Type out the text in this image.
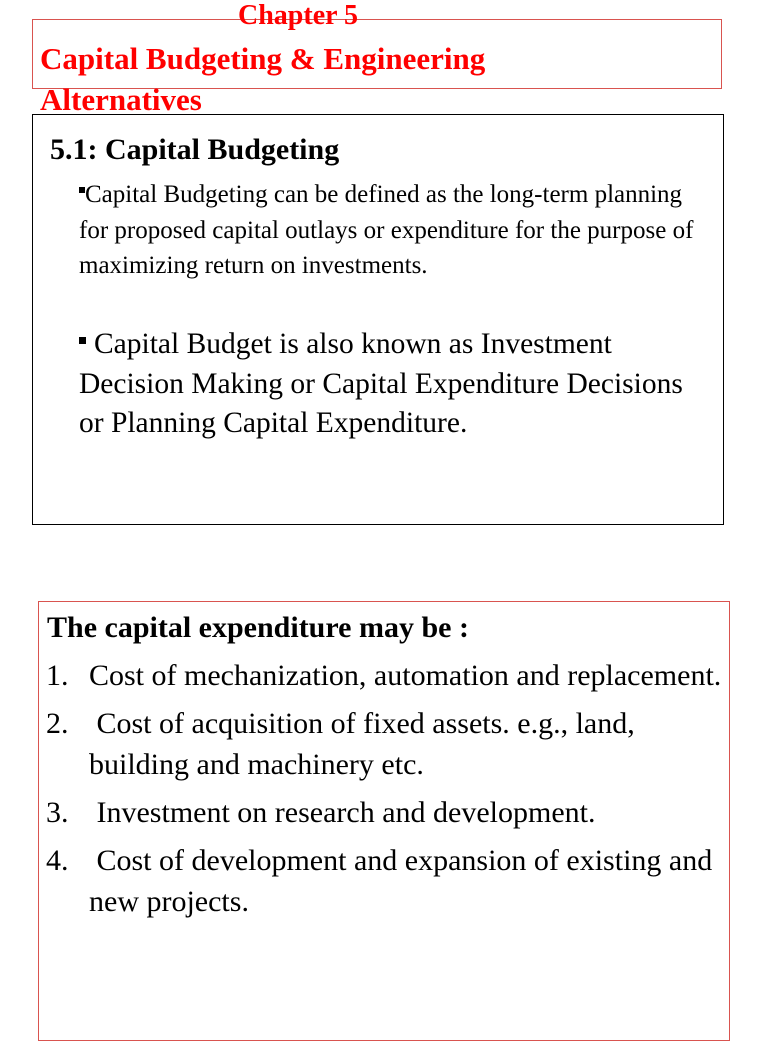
Chapter 5
Capital Budgeting & Engineering Alternatives
5.1: Capital Budgeting
Capital Budgeting can be defined as the long-term planning for proposed capital outlays or expenditure for the purpose of maximizing return on investments.
Capital Budget is also known as Investment Decision Making or Capital Expenditure Decisions or Planning Capital Expenditure.
The capital expenditure may be :
1. Cost of mechanization, automation and replacement.
2. Cost of acquisition of fixed assets. e.g., land, building and machinery etc.
3. Investment on research and development.
4. Cost of development and expansion of existing and new projects.
